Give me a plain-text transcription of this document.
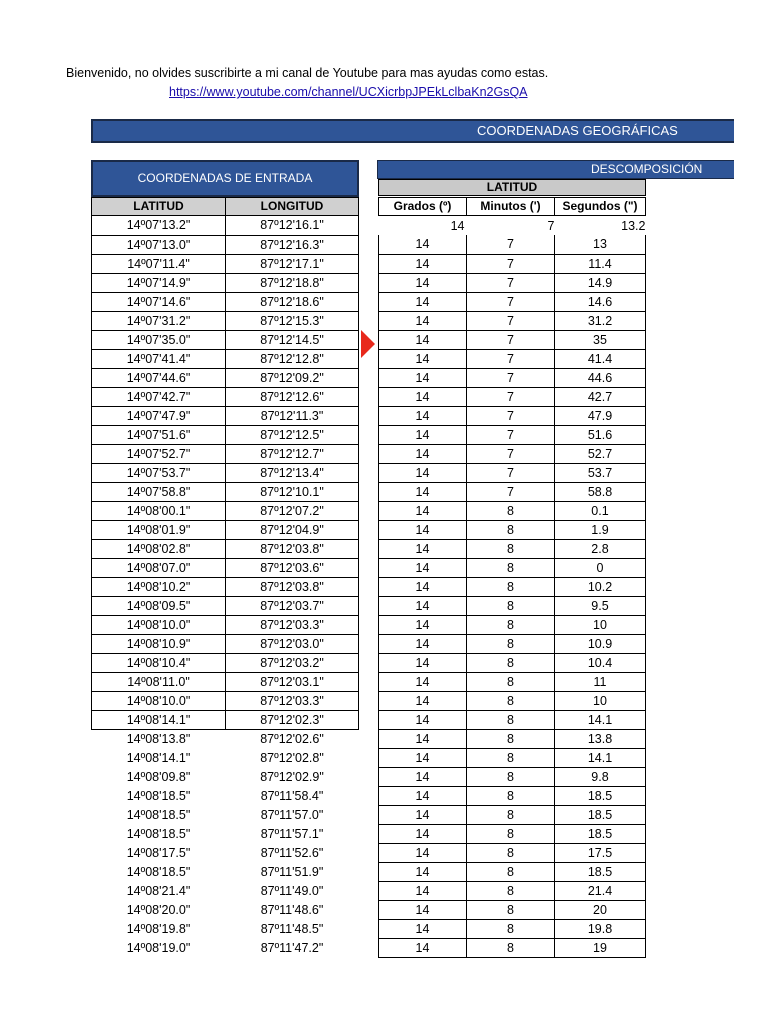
Bienvenido, no olvides suscribirte a mi canal de Youtube para mas ayudas como estas.
https://www.youtube.com/channel/UCXicrbpJPEkLclbaKn2GsQA
COORDENADAS GEOGRÁFICAS
COORDENADAS DE ENTRADA
DESCOMPOSICIÓN
LATITUD
LATITUD	LONGITUD	Grados (º)	Minutos (')	Segundos (")
14º07'13.2"	87º12'16.1"
14º07'13.0"	87º12'16.3"
14º07'11.4"	87º12'17.1"
14º07'14.9"	87º12'18.8"
14º07'14.6"	87º12'18.6"
14º07'31.2"	87º12'15.3"
14º07'35.0"	87º12'14.5"
14º07'41.4"	87º12'12.8"
14º07'44.6"	87º12'09.2"
14º07'42.7"	87º12'12.6"
14º07'47.9"	87º12'11.3"
14º07'51.6"	87º12'12.5"
14º07'52.7"	87º12'12.7"
14º07'53.7"	87º12'13.4"
14º07'58.8"	87º12'10.1"
14º08'00.1"	87º12'07.2"
14º08'01.9"	87º12'04.9"
14º08'02.8"	87º12'03.8"
14º08'07.0"	87º12'03.6"
14º08'10.2"	87º12'03.8"
14º08'09.5"	87º12'03.7"
14º08'10.0"	87º12'03.3"
14º08'10.9"	87º12'03.0"
14º08'10.4"	87º12'03.2"
14º08'11.0"	87º12'03.1"
14º08'10.0"	87º12'03.3"
14º08'14.1"	87º12'02.3"
14º08'13.8"	87º12'02.6"
14º08'14.1"	87º12'02.8"
14º08'09.8"	87º12'02.9"
14º08'18.5"	87º11'58.4"
14º08'18.5"	87º11'57.0"
14º08'18.5"	87º11'57.1"
14º08'17.5"	87º11'52.6"
14º08'18.5"	87º11'51.9"
14º08'21.4"	87º11'49.0"
14º08'20.0"	87º11'48.6"
14º08'19.8"	87º11'48.5"
14º08'19.0"	87º11'47.2"
14	7	13.2
14	7	13
14	7	11.4
14	7	14.9
14	7	14.6
14	7	31.2
14	7	35
14	7	41.4
14	7	44.6
14	7	42.7
14	7	47.9
14	7	51.6
14	7	52.7
14	7	53.7
14	7	58.8
14	8	0.1
14	8	1.9
14	8	2.8
14	8	0
14	8	10.2
14	8	9.5
14	8	10
14	8	10.9
14	8	10.4
14	8	11
14	8	10
14	8	14.1
14	8	13.8
14	8	14.1
14	8	9.8
14	8	18.5
14	8	18.5
14	8	18.5
14	8	17.5
14	8	18.5
14	8	21.4
14	8	20
14	8	19.8
14	8	19
